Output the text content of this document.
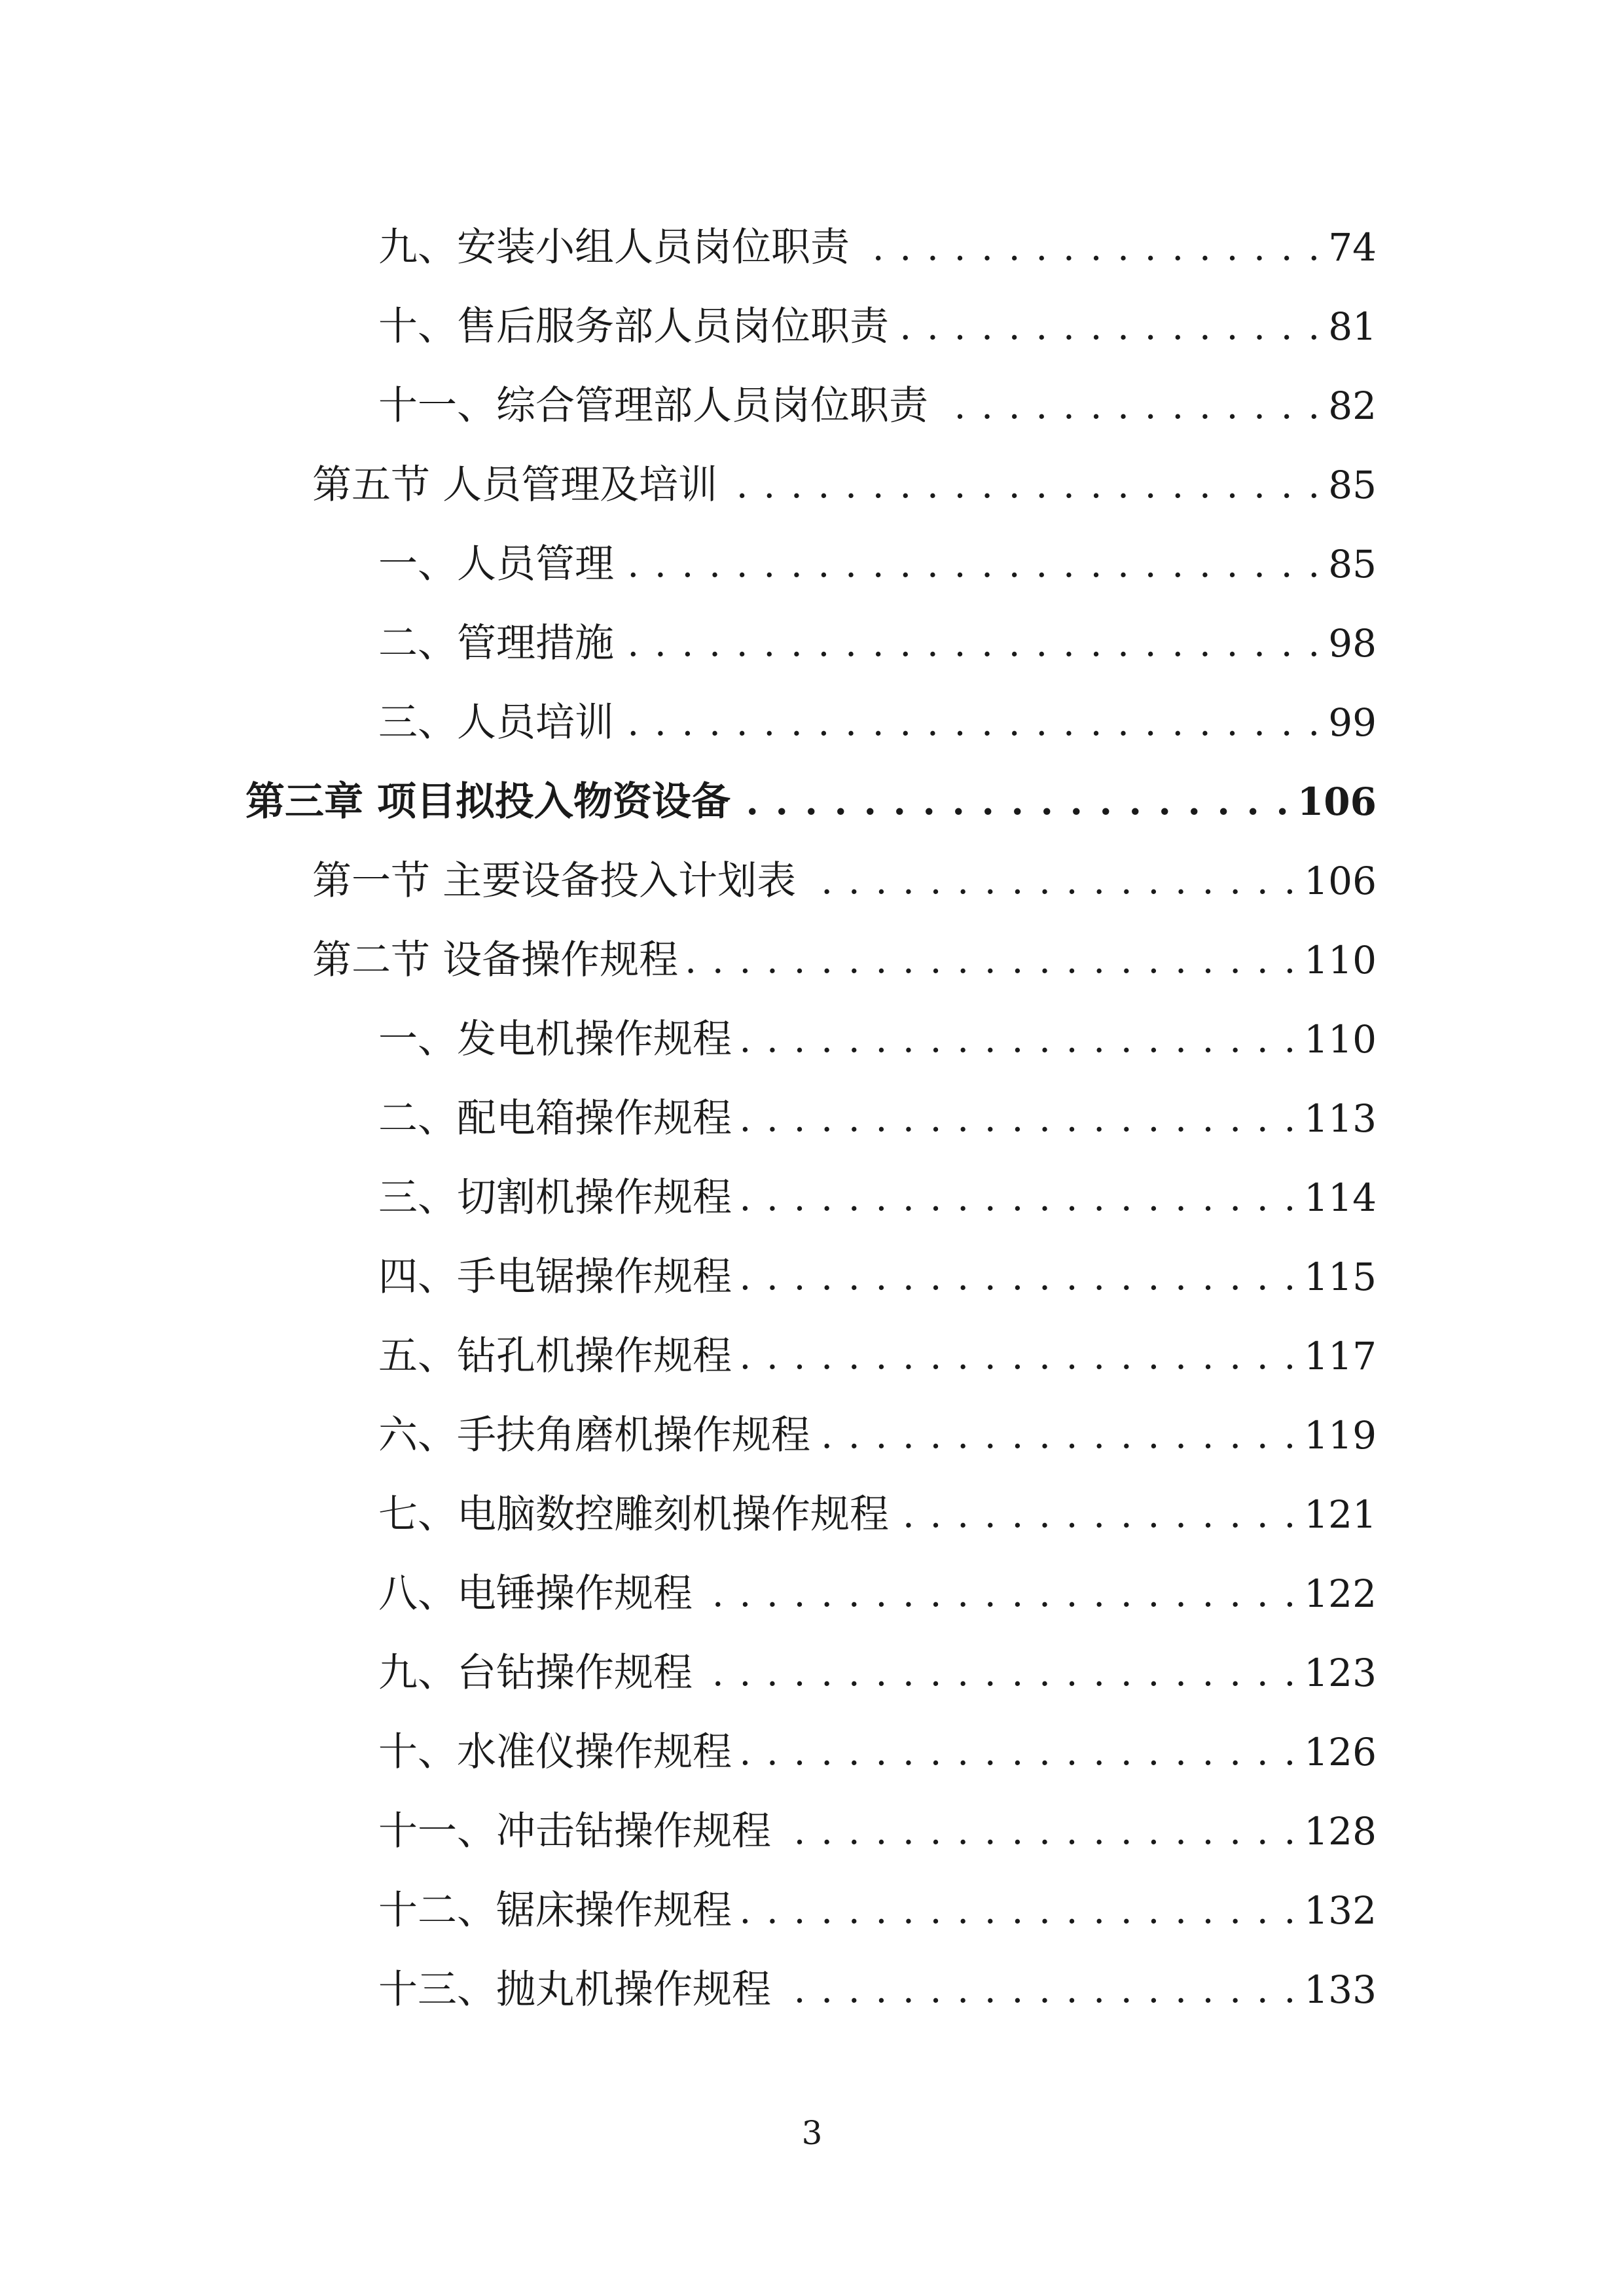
九、安装小组人员岗位职责 . . .	74
十、售后服务部人员岗位职责 . . .	81
十一、综合管理部人员岗位职责 . . .	82
第五节 人员管理及培训 . . .	85
一、人员管理 . . .	85
二、管理措施 . . .	98
三、人员培训 . . .	99
第三章 项目拟投入物资设备 . . .	106
第一节 主要设备投入计划表 . . .	106
第二节 设备操作规程 . . .	110
一、发电机操作规程 . . .	110
二、配电箱操作规程 . . .	113
三、切割机操作规程 . . .	114
四、手电锯操作规程 . . .	115
五、钻孔机操作规程 . . .	117
六、手扶角磨机操作规程 . . .	119
七、电脑数控雕刻机操作规程 . . .	121
八、电锤操作规程 . . .	122
九、台钻操作规程 . . .	123
十、水准仪操作规程 . . .	126
十一、冲击钻操作规程 . . .	128
十二、锯床操作规程 . . .	132
十三、抛丸机操作规程 . . .	133
3
